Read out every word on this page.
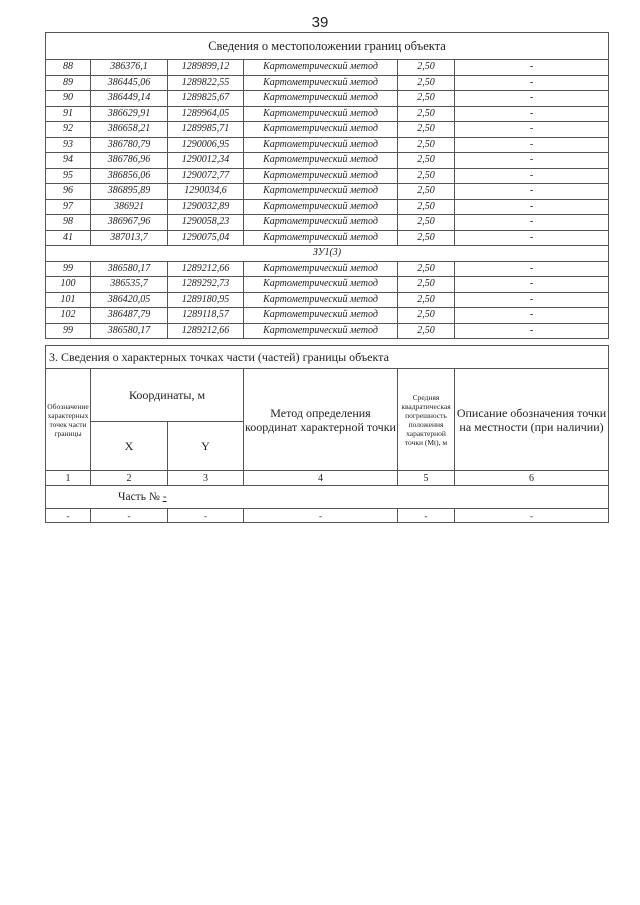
39
Сведения о местоположении границ объекта					
88	386376,1	1289899,12	Картометрический метод	2,50	-
89	386445,06	1289822,55	Картометрический метод	2,50	-
90	386449,14	1289825,67	Картометрический метод	2,50	-
91	386629,91	1289964,05	Картометрический метод	2,50	-
92	386658,21	1289985,71	Картометрический метод	2,50	-
93	386780,79	1290006,95	Картометрический метод	2,50	-
94	386786,96	1290012,34	Картометрический метод	2,50	-
95	386856,06	1290072,77	Картометрический метод	2,50	-
96	386895,89	1290034,6	Картометрический метод	2,50	-
97	386921	1290032,89	Картометрический метод	2,50	-
98	386967,96	1290058,23	Картометрический метод	2,50	-
41	387013,7	1290075,04	Картометрический метод	2,50	-
ЗУ1(3)					
99	386580,17	1289212,66	Картометрический метод	2,50	-
100	386535,7	1289292,73	Картометрический метод	2,50	-
101	386420,05	1289180,95	Картометрический метод	2,50	-
102	386487,79	1289118,57	Картометрический метод	2,50	-
99	386580,17	1289212,66	Картометрический метод	2,50	-
3. Сведения о характерных точках части (частей) границы объекта					
Обозначение характерных точек части границы	Координаты, м		Метод определения координат характерной точки	Средняя квадратическая погрешность положения характерной точки (Mt), м	Описание обозначения точки на местности (при наличии)
	X	Y			
1	2	3	4	5	6
Часть № -					
-	-	-	-	-	-
